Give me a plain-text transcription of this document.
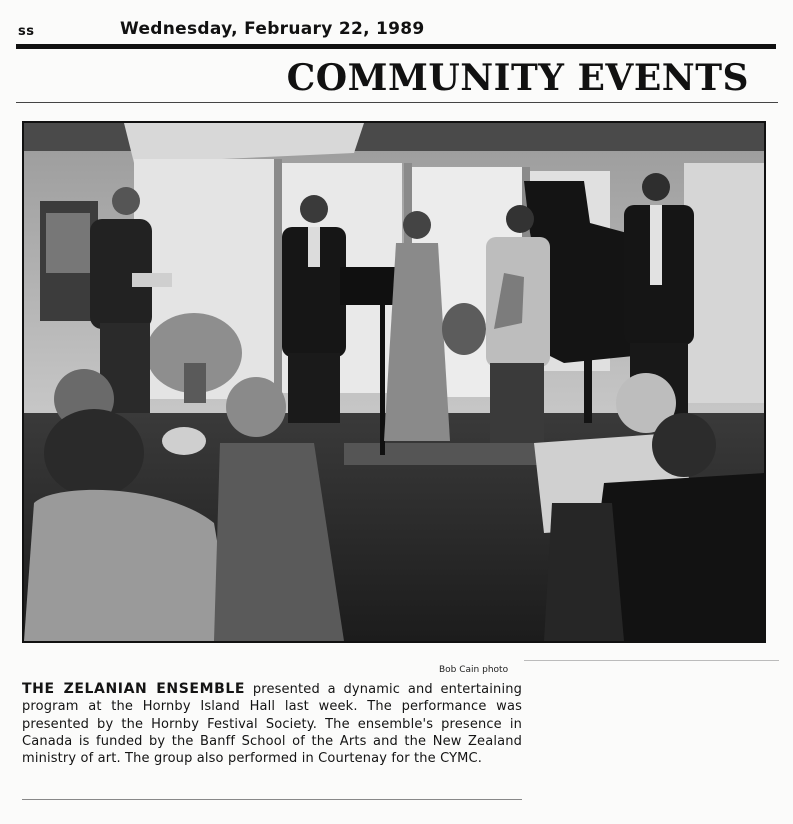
ss	Wednesday, February 22, 1989
COMMUNITY EVENTS
Bob Cain photo
THE ZELANIAN ENSEMBLE presented a dynamic and entertaining program at the Hornby Island Hall last week. The performance was presented by the Hornby Festival Society. The ensemble's presence in Canada is funded by the Banff School of the Arts and the New Zealand ministry of art. The group also performed in Courtenay for the CYMC.
